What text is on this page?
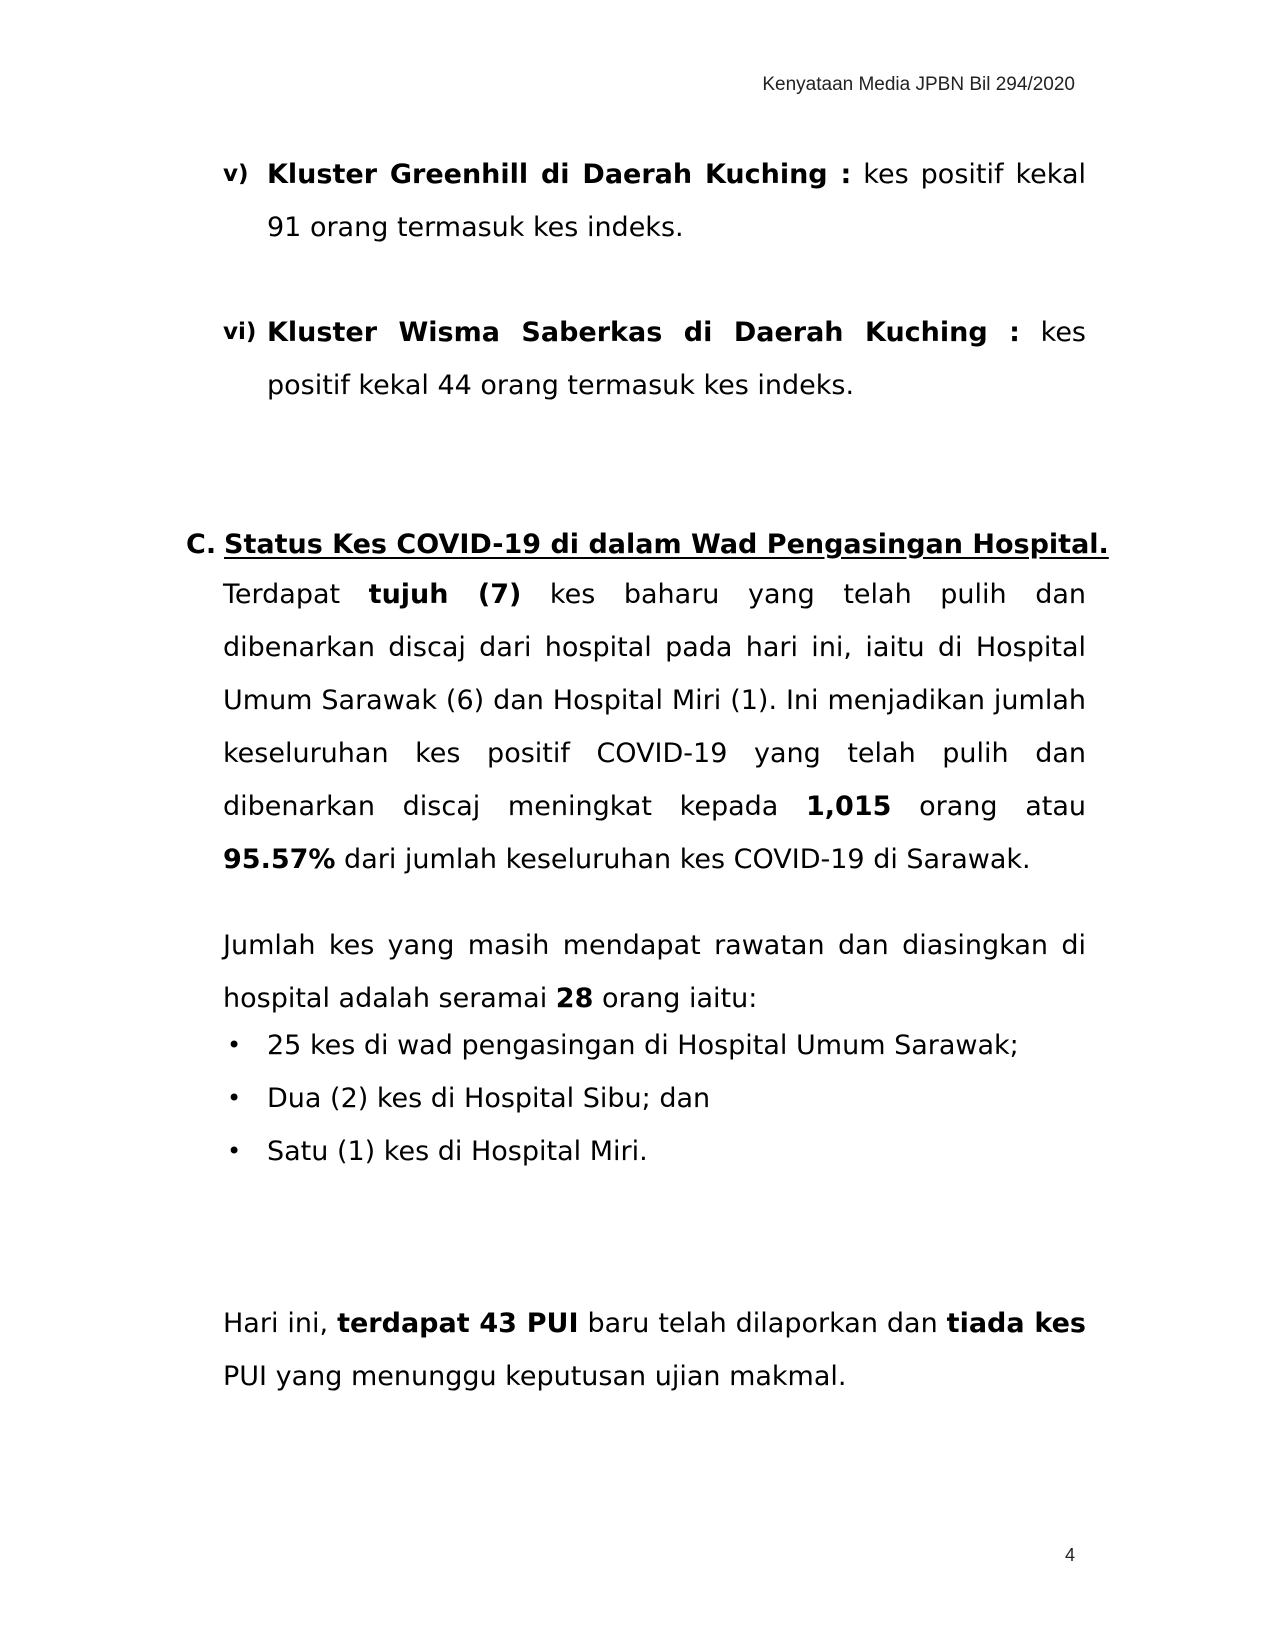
Kenyataan Media JPBN Bil 294/2020
v) Kluster Greenhill di Daerah Kuching : kes positif kekal 91 orang termasuk kes indeks.
vi) Kluster Wisma Saberkas di Daerah Kuching : kes positif kekal 44 orang termasuk kes indeks.
C. Status Kes COVID-19 di dalam Wad Pengasingan Hospital.
Terdapat tujuh (7) kes baharu yang telah pulih dan dibenarkan discaj dari hospital pada hari ini, iaitu di Hospital Umum Sarawak (6) dan Hospital Miri (1). Ini menjadikan jumlah keseluruhan kes positif COVID-19 yang telah pulih dan dibenarkan discaj meningkat kepada 1,015 orang atau 95.57% dari jumlah keseluruhan kes COVID-19 di Sarawak.
Jumlah kes yang masih mendapat rawatan dan diasingkan di hospital adalah seramai 28 orang iaitu:
• 25 kes di wad pengasingan di Hospital Umum Sarawak;
• Dua (2) kes di Hospital Sibu; dan
• Satu (1) kes di Hospital Miri.
Hari ini, terdapat 43 PUI baru telah dilaporkan dan tiada kes PUI yang menunggu keputusan ujian makmal.
4
